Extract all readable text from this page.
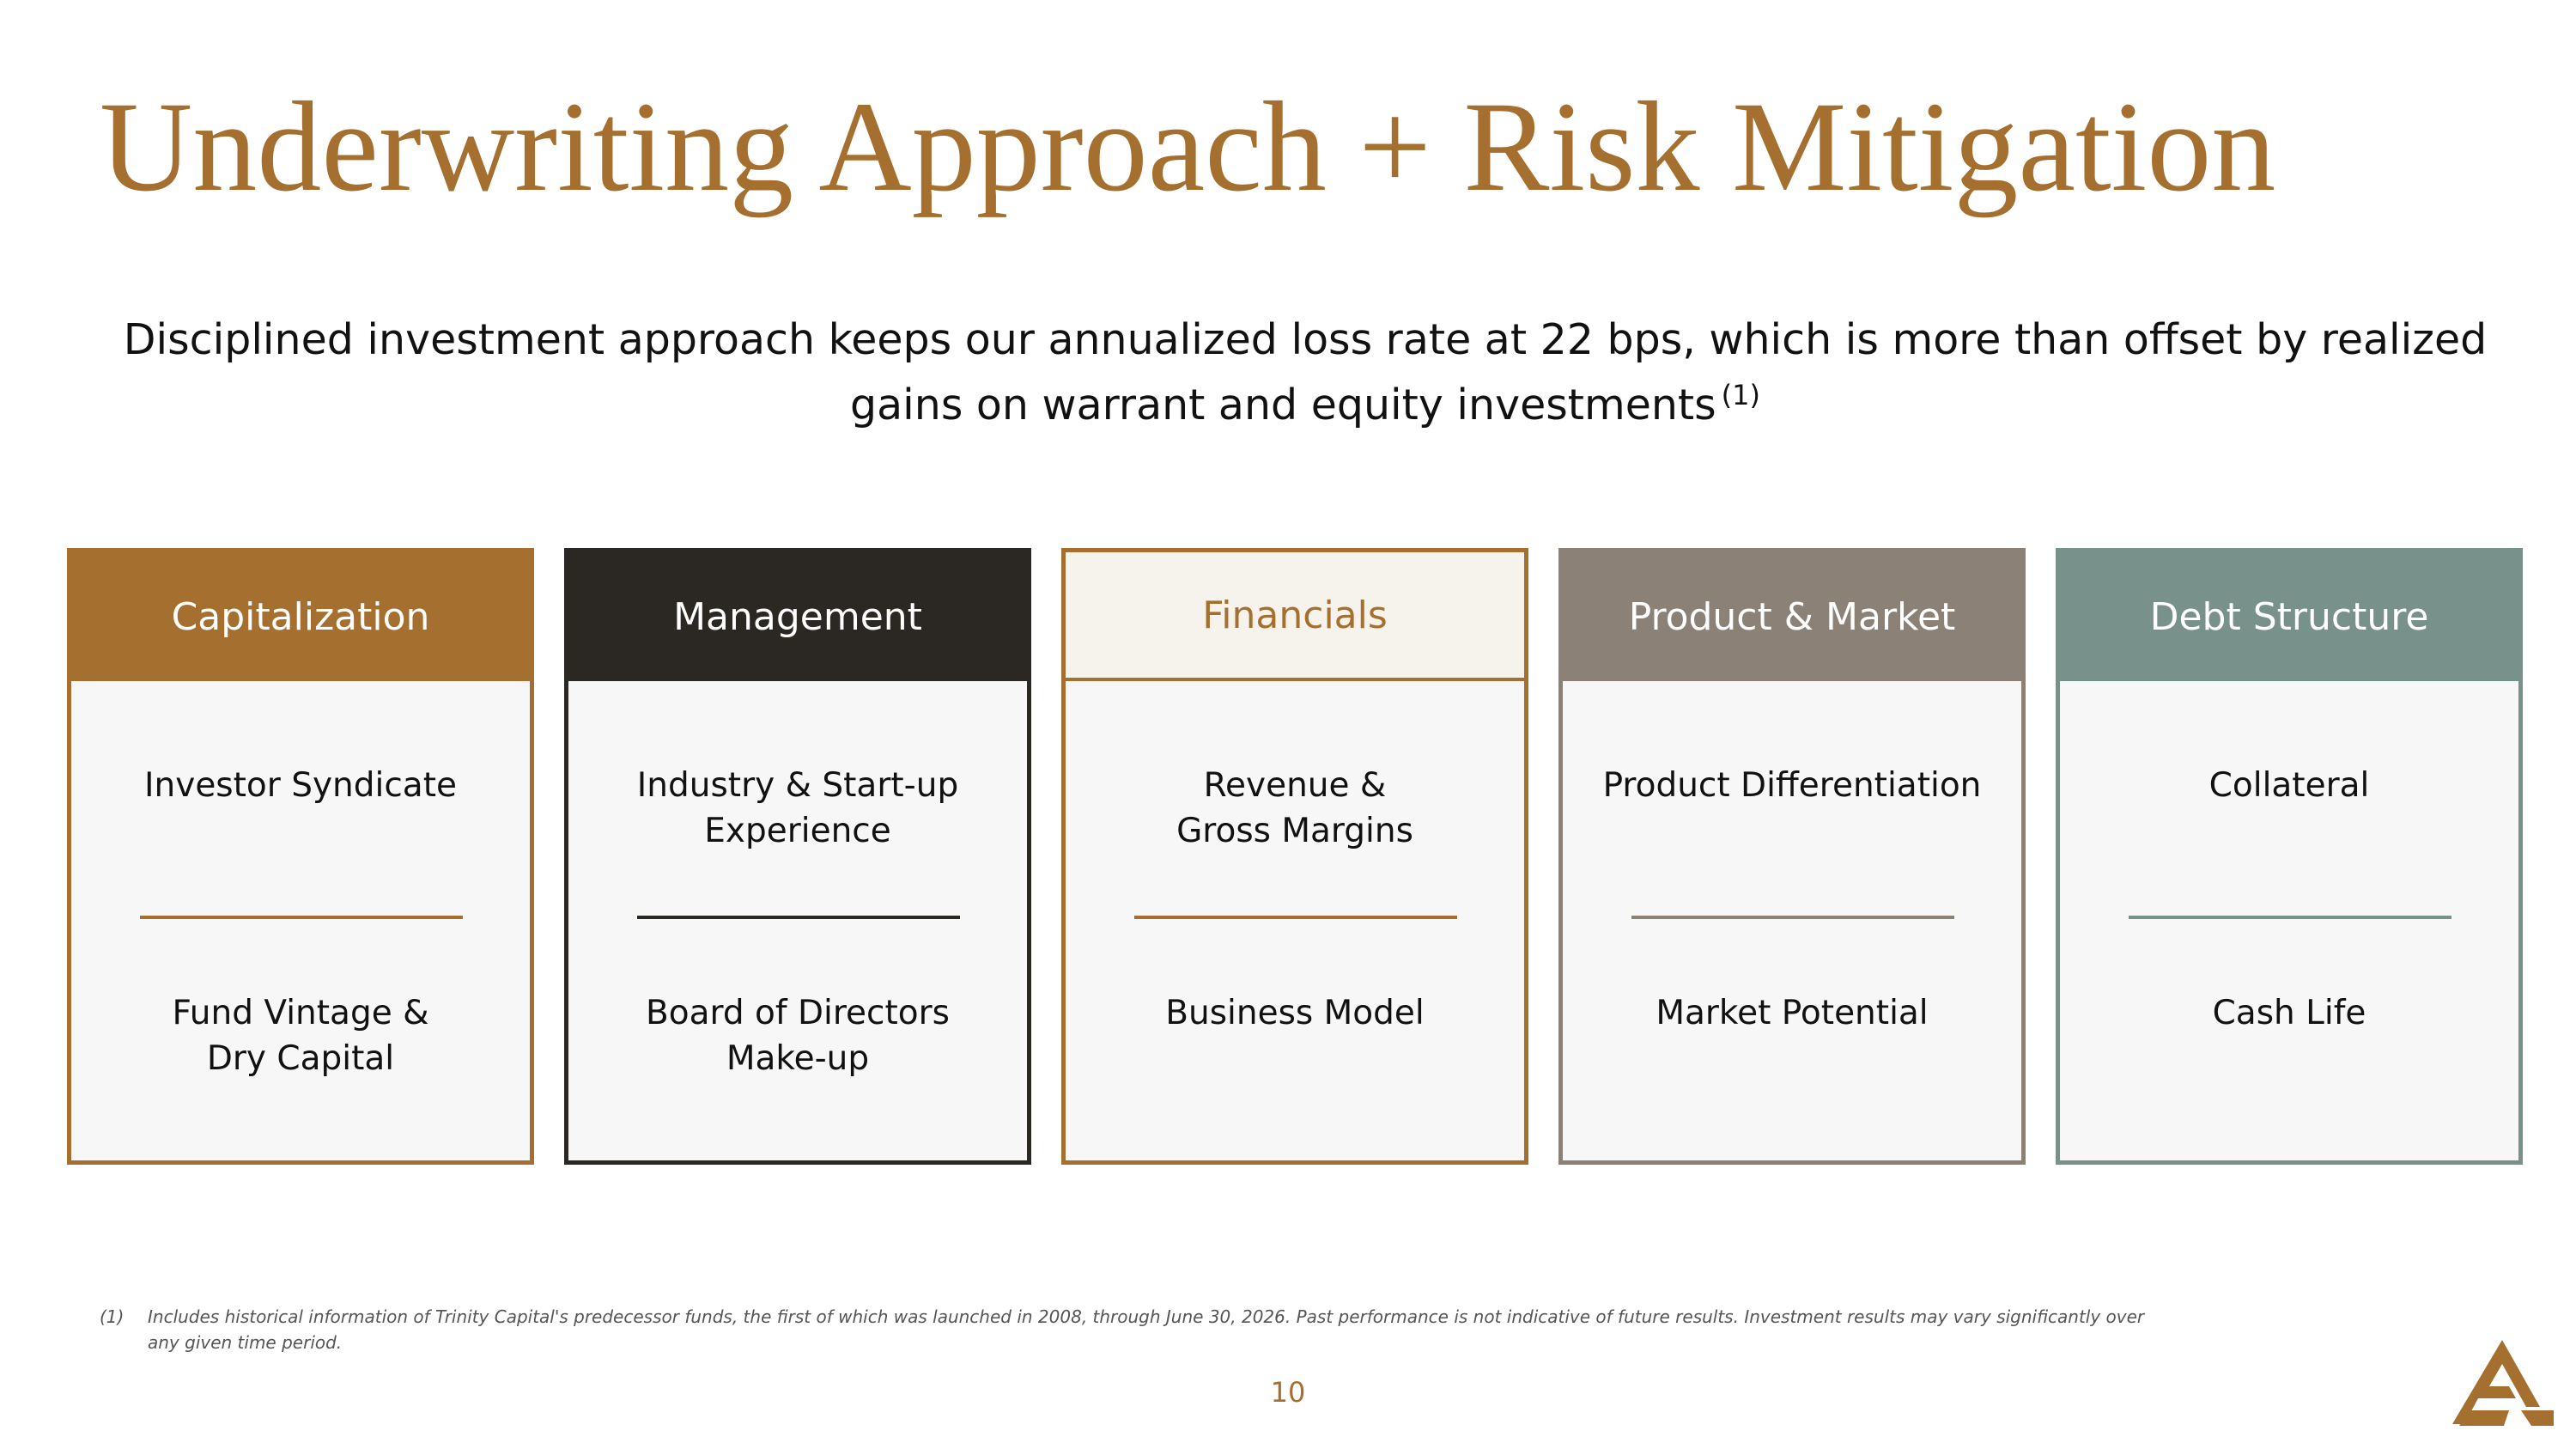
Underwriting Approach + Risk Mitigation
Disciplined investment approach keeps our annualized loss rate at 22 bps, which is more than offset by realized gains on warrant and equity investments $^{(1)}$
Capitalization
Investor Syndicate
Fund Vintage &
Dry Capital
Management
Industry & Start-up
Experience
Board of Directors
Make-up
Financials
Revenue &
Gross Margins
Business Model
Product & Market
Product Differentiation
Market Potential
Debt Structure
Collateral
Cash Life
(1) Includes historical information of Trinity Capital's predecessor funds, the first of which was launched in 2008, through June 30, 2026. Past performance is not indicative of future results. Investment results may vary significantly over any given time period.
10
